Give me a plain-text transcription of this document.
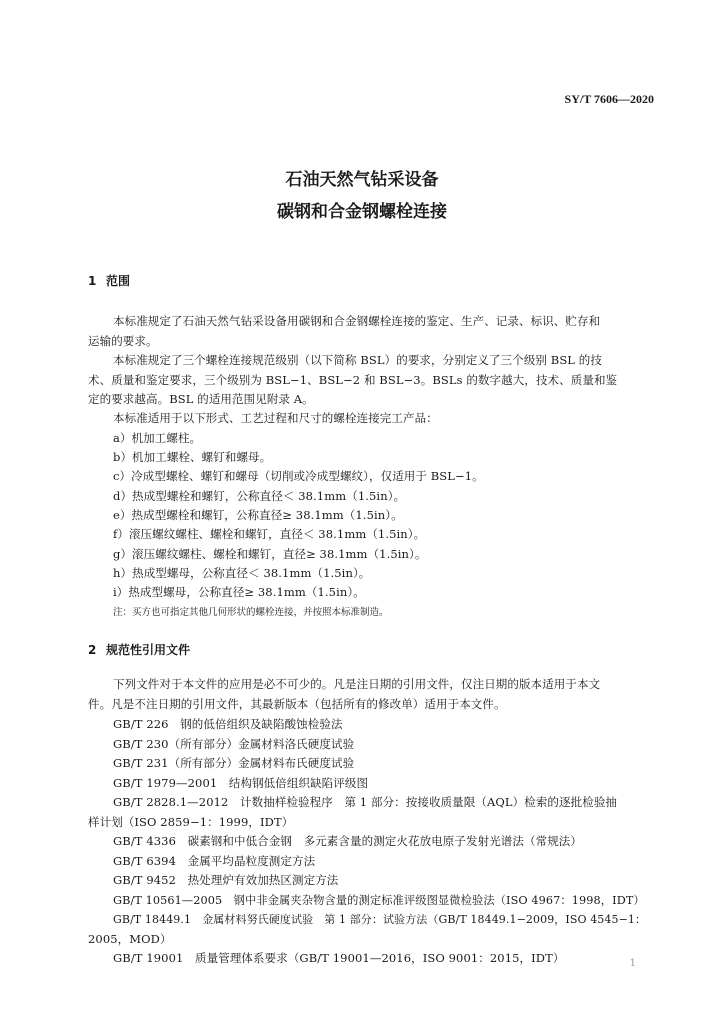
SY/T 7606—2020
石油天然气钻采设备
碳钢和合金钢螺栓连接
1 范围
本标准规定了石油天然气钻采设备用碳钢和合金钢螺栓连接的鉴定、生产、记录、标识、贮存和
运输的要求。
本标准规定了三个螺栓连接规范级别（以下简称 BSL）的要求，分别定义了三个级别 BSL 的技
术、质量和鉴定要求，三个级别为 BSL−1、BSL−2 和 BSL−3。BSLs 的数字越大，技术、质量和鉴
定的要求越高。BSL 的适用范围见附录 A。
本标准适用于以下形式、工艺过程和尺寸的螺栓连接完工产品：
a）机加工螺柱。
b）机加工螺栓、螺钉和螺母。
c）冷成型螺栓、螺钉和螺母（切削或冷成型螺纹），仅适用于 BSL−1。
d）热成型螺栓和螺钉，公称直径＜ 38.1mm（1.5in）。
e）热成型螺栓和螺钉，公称直径≥ 38.1mm（1.5in）。
f）滚压螺纹螺柱、螺栓和螺钉，直径＜ 38.1mm（1.5in）。
g）滚压螺纹螺柱、螺栓和螺钉，直径≥ 38.1mm（1.5in）。
h）热成型螺母，公称直径＜ 38.1mm（1.5in）。
i）热成型螺母，公称直径≥ 38.1mm（1.5in）。
注：买方也可指定其他几何形状的螺栓连接，并按照本标准制造。
2 规范性引用文件
下列文件对于本文件的应用是必不可少的。凡是注日期的引用文件，仅注日期的版本适用于本文
件。凡是不注日期的引用文件，其最新版本（包括所有的修改单）适用于本文件。
GB/T 226　钢的低倍组织及缺陷酸蚀检验法
GB/T 230（所有部分）金属材料洛氏硬度试验
GB/T 231（所有部分）金属材料布氏硬度试验
GB/T 1979—2001　结构钢低倍组织缺陷评级图
GB/T 2828.1—2012　计数抽样检验程序　第 1 部分：按接收质量限（AQL）检索的逐批检验抽
样计划（ISO 2859−1：1999，IDT）
GB/T 4336　碳素钢和中低合金钢　多元素含量的测定火花放电原子发射光谱法（常规法）
GB/T 6394　金属平均晶粒度测定方法
GB/T 9452　热处理炉有效加热区测定方法
GB/T 10561—2005　钢中非金属夹杂物含量的测定标准评级图显微检验法（ISO 4967：1998，IDT）
GB/T 18449.1　金属材料努氏硬度试验　第 1 部分：试验方法（GB/T 18449.1−2009，ISO 4545−1：
2005，MOD）
GB/T 19001　质量管理体系要求（GB/T 19001—2016，ISO 9001：2015，IDT）	1
